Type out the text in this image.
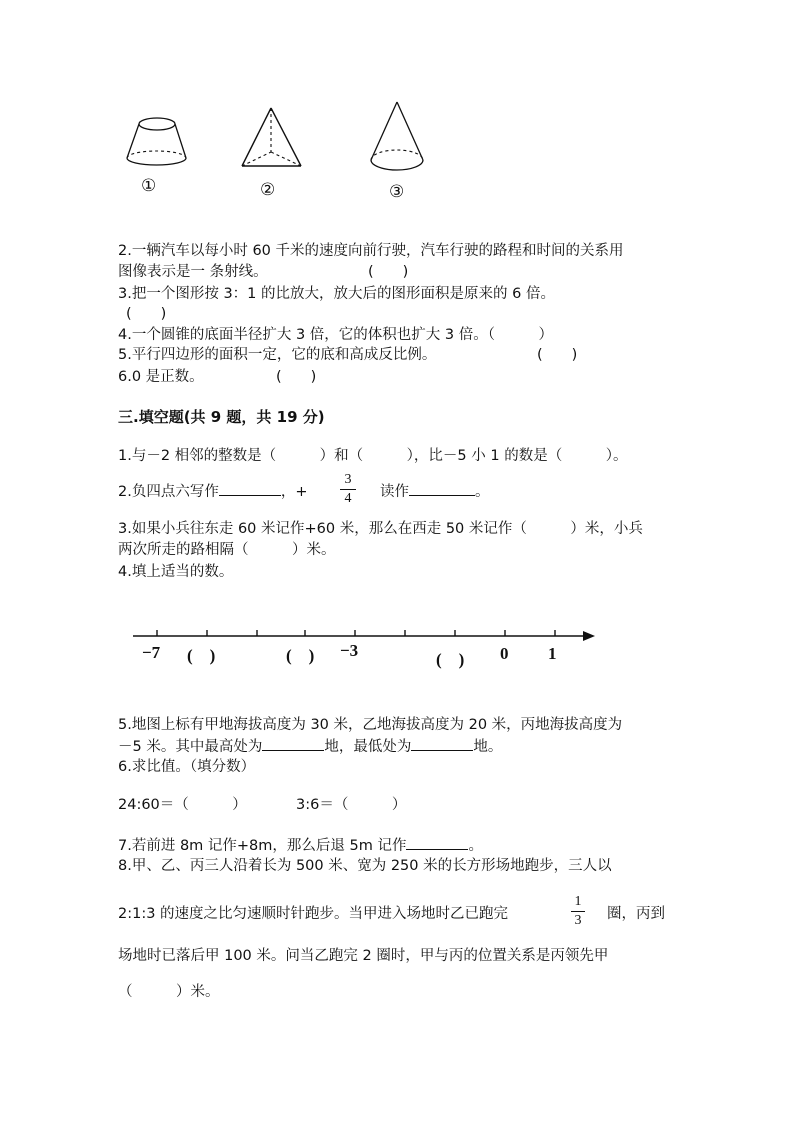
①	②	③
2.一辆汽车以每小时 60 千米的速度向前行驶，汽车行驶的路程和时间的关系用
图像表示是一 条射线。	(　　)
3.把一个图形按 3：1 的比放大，放大后的图形面积是原来的 6 倍。
(　　)
4.一个圆锥的底面半径扩大 3 倍，它的体积也扩大 3 倍。（　　　）
5.平行四边形的面积一定，它的底和高成反比例。	(　　)
6.0 是正数。	(　　)
三.填空题(共 9 题，共 19 分)
1.与－2 相邻的整数是（　　　）和（　　　），比－5 小 1 的数是（　　　）。
2.负四点六写作	，+
3
4	读作	。
3.如果小兵往东走 60 米记作+60 米，那么在西走 50 米记作（　　　）米，小兵
两次所走的路相隔（　　　）米。
4.填上适当的数。
−7 (　)	(　) −3	(　) 0 1
5.地图上标有甲地海拔高度为 30 米，乙地海拔高度为 20 米，丙地海拔高度为
－5 米。其中最高处为	地，最低处为	地。
6.求比值。（填分数）
24:60＝（　　　）	3:6＝（　　　）
7.若前进 8m 记作+8m，那么后退 5m 记作	。
8.甲、乙、丙三人沿着长为 500 米、宽为 250 米的长方形场地跑步，三人以
2:1:3 的速度之比匀速顺时针跑步。当甲进入场地时乙已跑完
1
3 圈，丙到
场地时已落后甲 100 米。问当乙跑完 2 圈时，甲与丙的位置关系是丙领先甲
（　　　）米。
